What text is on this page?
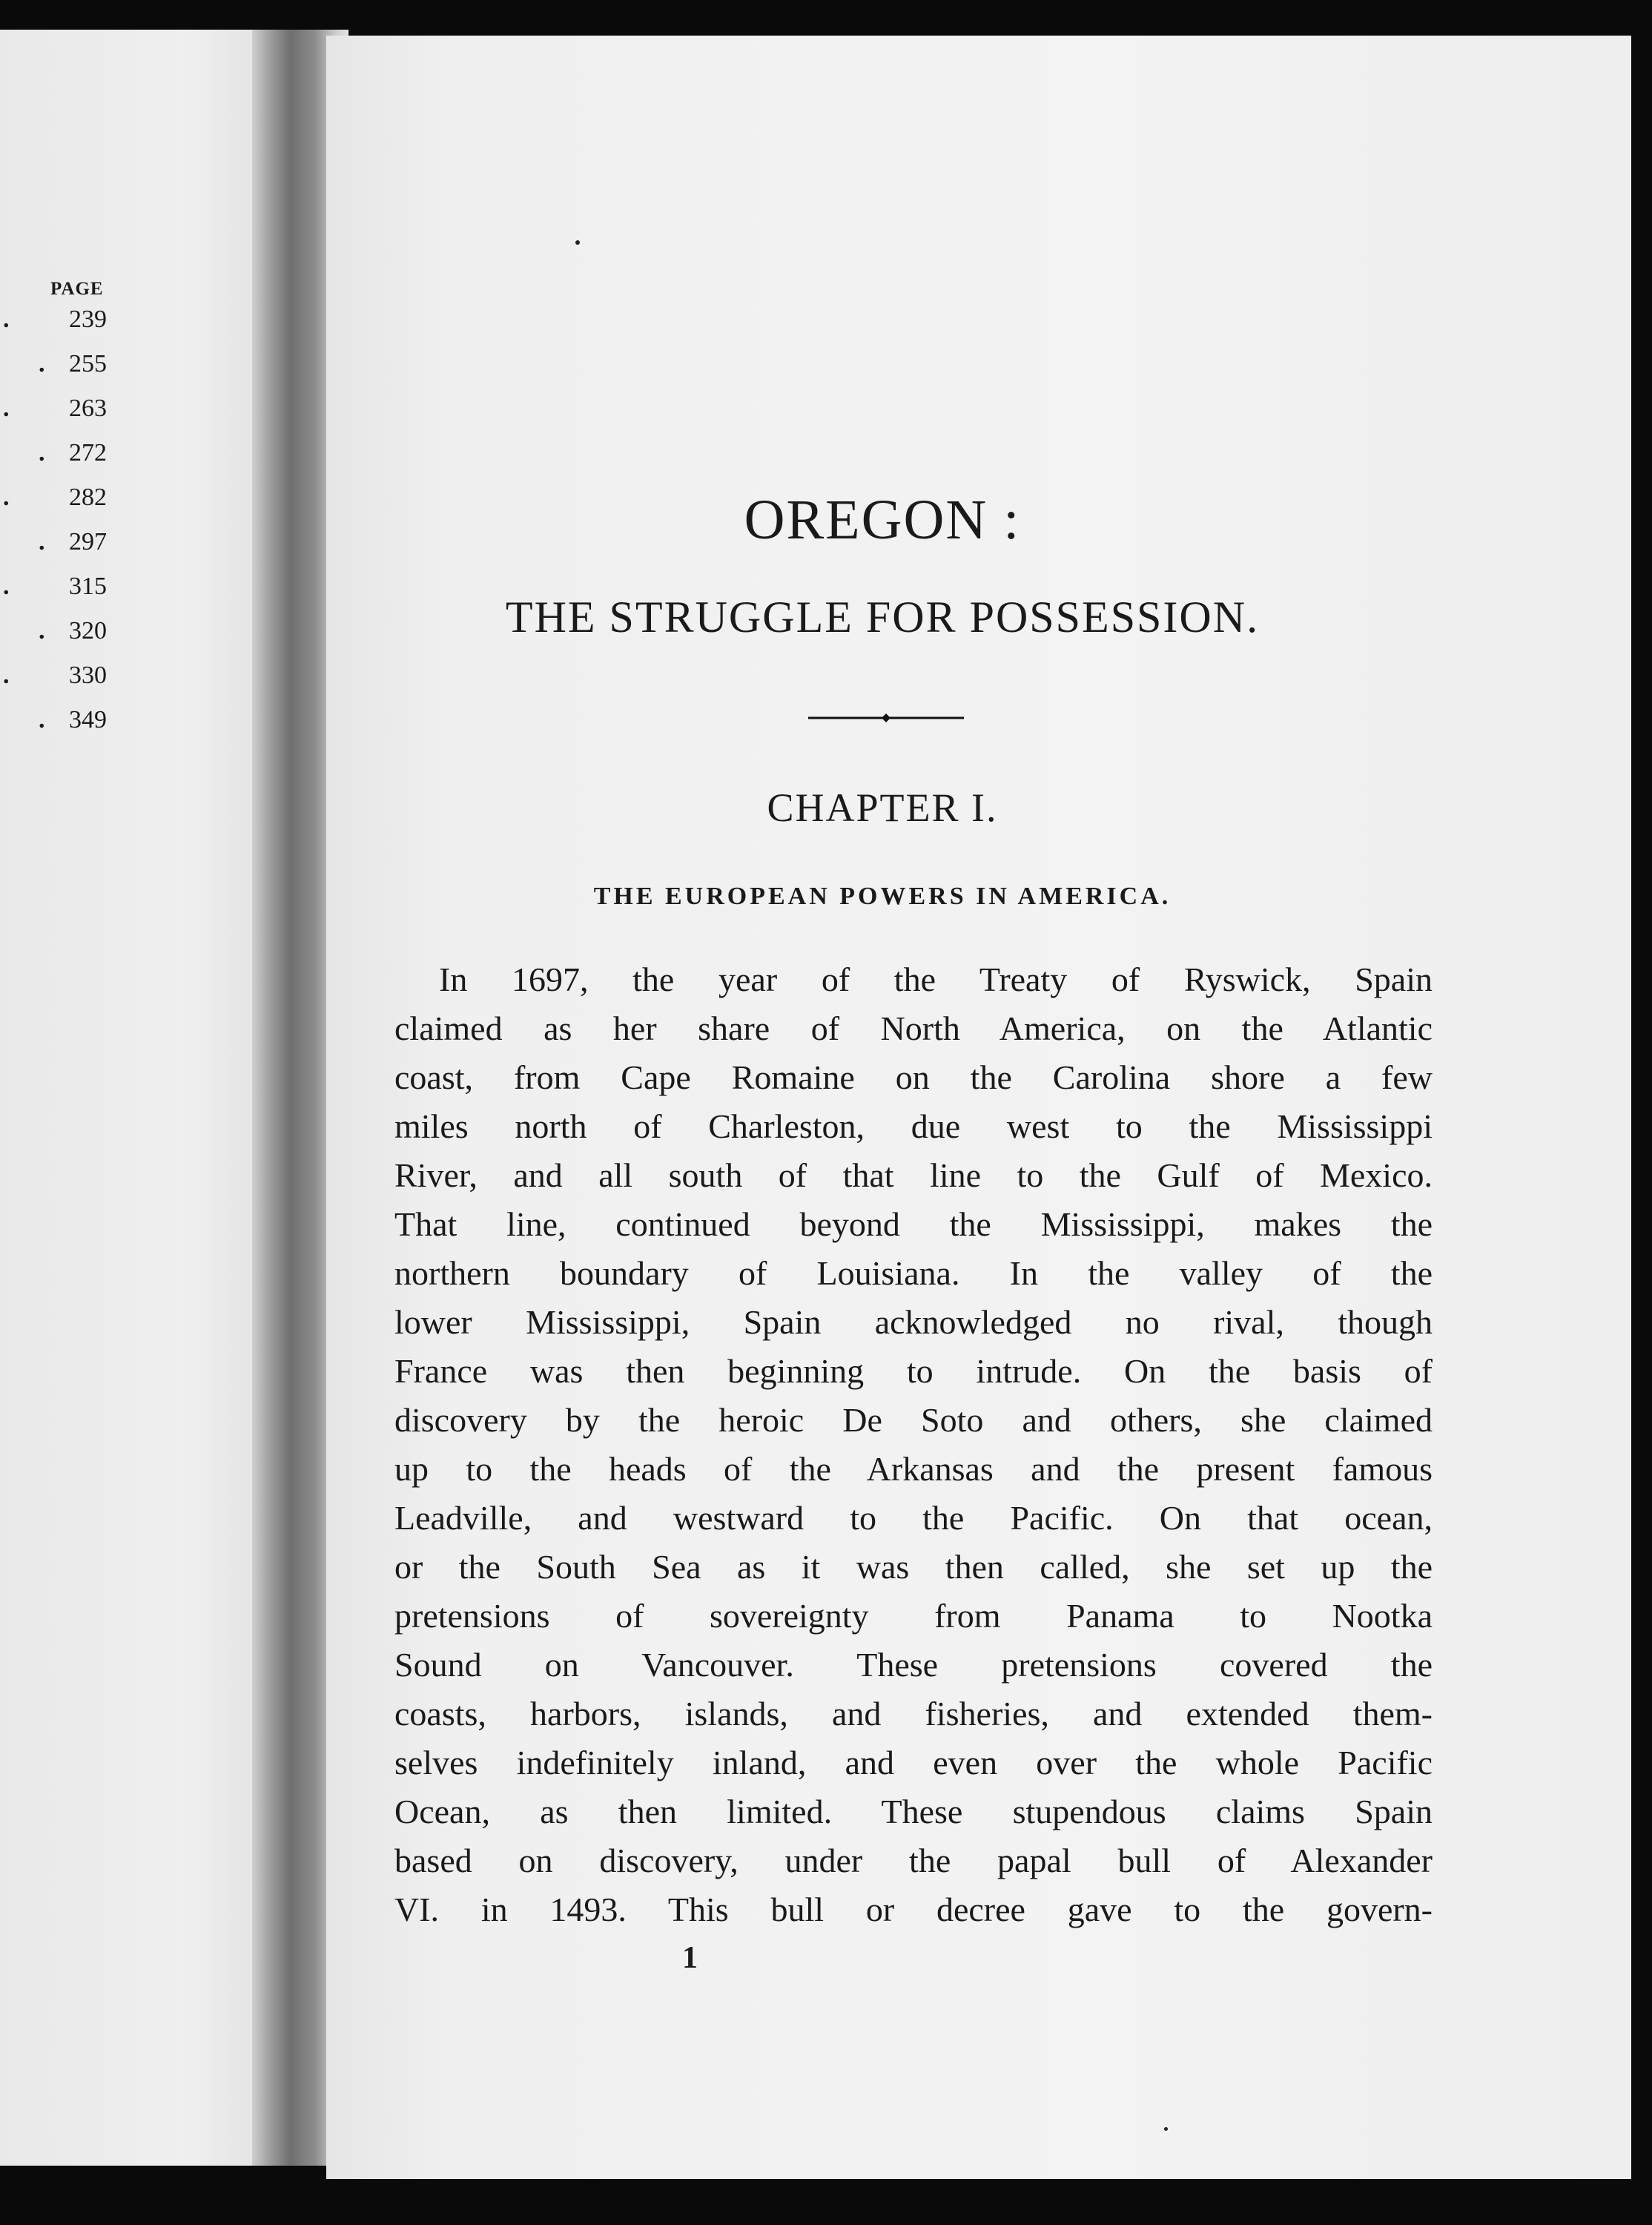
PAGE
. 239
. 255
. 263
. 272
. 282
. 297
. 315
. 320
. 330
. 349
OREGON :
THE STRUGGLE FOR POSSESSION.
CHAPTER I.
THE EUROPEAN POWERS IN AMERICA.
In 1697, the year of the Treaty of Ryswick, Spain
claimed as her share of North America, on the Atlantic
coast, from Cape Romaine on the Carolina shore a few
miles north of Charleston, due west to the Mississippi
River, and all south of that line to the Gulf of Mexico.
That line, continued beyond the Mississippi, makes the
northern boundary of Louisiana. In the valley of the
lower Mississippi, Spain acknowledged no rival, though
France was then beginning to intrude. On the basis of
discovery by the heroic De Soto and others, she claimed
up to the heads of the Arkansas and the present famous
Leadville, and westward to the Pacific. On that ocean,
or the South Sea as it was then called, she set up the
pretensions of sovereignty from Panama to Nootka
Sound on Vancouver. These pretensions covered the
coasts, harbors, islands, and fisheries, and extended them-
selves indefinitely inland, and even over the whole Pacific
Ocean, as then limited. These stupendous claims Spain
based on discovery, under the papal bull of Alexander
VI. in 1493. This bull or decree gave to the govern-
1
